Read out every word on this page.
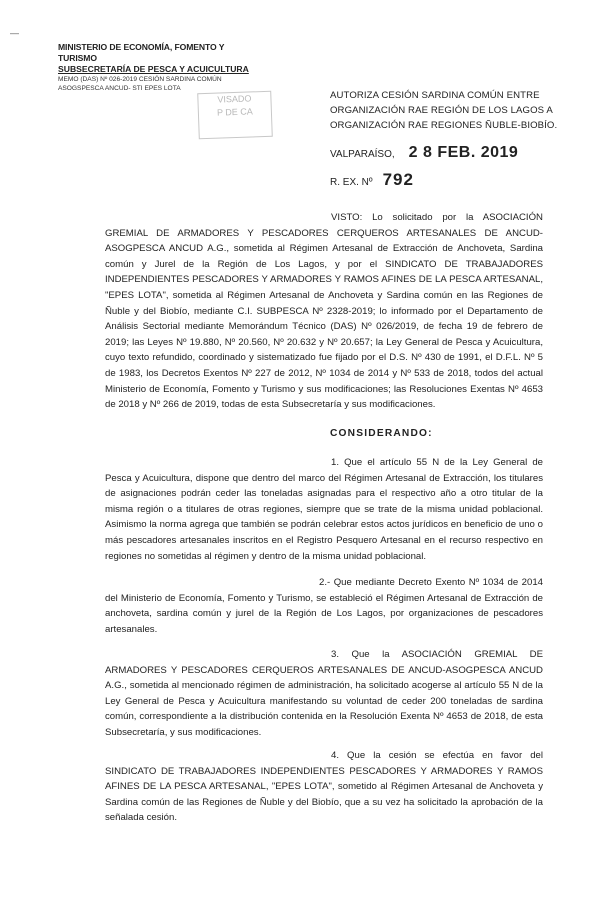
—
MINISTERIO DE ECONOMÍA, FOMENTO Y TURISMO
SUBSECRETARÍA DE PESCA Y ACUICULTURA
MEMO (DAS) Nº 026-2019 CESIÓN SARDINA COMÚN
ASOGSPESCA ANCUD- STI EPES LOTA
VISADO
P DE CA
AUTORIZA CESIÓN SARDINA COMÚN ENTRE ORGANIZACIÓN RAE REGIÓN DE LOS LAGOS A ORGANIZACIÓN RAE REGIONES ÑUBLE-BIOBÍO.
VALPARAÍSO, 2 8 FEB. 2019
R. EX. Nº 792
VISTO: Lo solicitado por la ASOCIACIÓN GREMIAL DE ARMADORES Y PESCADORES CERQUEROS ARTESANALES DE ANCUD-ASOGPESCA ANCUD A.G., sometida al Régimen Artesanal de Extracción de Anchoveta, Sardina común y Jurel de la Región de Los Lagos, y por el SINDICATO DE TRABAJADORES INDEPENDIENTES PESCADORES Y ARMADORES Y RAMOS AFINES DE LA PESCA ARTESANAL, "EPES LOTA", sometida al Régimen Artesanal de Anchoveta y Sardina común en las Regiones de Ñuble y del Biobío, mediante C.I. SUBPESCA Nº 2328-2019; lo informado por el Departamento de Análisis Sectorial mediante Memorándum Técnico (DAS) Nº 026/2019, de fecha 19 de febrero de 2019; las Leyes Nº 19.880, Nº 20.560, Nº 20.632 y Nº 20.657; la Ley General de Pesca y Acuicultura, cuyo texto refundido, coordinado y sistematizado fue fijado por el D.S. Nº 430 de 1991, el D.F.L. Nº 5 de 1983, los Decretos Exentos Nº 227 de 2012, Nº 1034 de 2014 y Nº 533 de 2018, todos del actual Ministerio de Economía, Fomento y Turismo y sus modificaciones; las Resoluciones Exentas Nº 4653 de 2018 y Nº 266 de 2019, todas de esta Subsecretaría y sus modificaciones.
CONSIDERANDO:
1. Que el artículo 55 N de la Ley General de Pesca y Acuicultura, dispone que dentro del marco del Régimen Artesanal de Extracción, los titulares de asignaciones podrán ceder las toneladas asignadas para el respectivo año a otro titular de la misma región o a titulares de otras regiones, siempre que se trate de la misma unidad poblacional. Asimismo la norma agrega que también se podrán celebrar estos actos jurídicos en beneficio de uno o más pescadores artesanales inscritos en el Registro Pesquero Artesanal en el recurso respectivo en regiones no sometidas al régimen y dentro de la misma unidad poblacional.
2.- Que mediante Decreto Exento Nº 1034 de 2014 del Ministerio de Economía, Fomento y Turismo, se estableció el Régimen Artesanal de Extracción de anchoveta, sardina común y jurel de la Región de Los Lagos, por organizaciones de pescadores artesanales.
3. Que la ASOCIACIÓN GREMIAL DE ARMADORES Y PESCADORES CERQUEROS ARTESANALES DE ANCUD-ASOGPESCA ANCUD A.G., sometida al mencionado régimen de administración, ha solicitado acogerse al artículo 55 N de la Ley General de Pesca y Acuicultura manifestando su voluntad de ceder 200 toneladas de sardina común, correspondiente a la distribución contenida en la Resolución Exenta Nº 4653 de 2018, de esta Subsecretaría, y sus modificaciones.
4. Que la cesión se efectúa en favor del SINDICATO DE TRABAJADORES INDEPENDIENTES PESCADORES Y ARMADORES Y RAMOS AFINES DE LA PESCA ARTESANAL, "EPES LOTA", sometido al Régimen Artesanal de Anchoveta y Sardina común de las Regiones de Ñuble y del Biobío, que a su vez ha solicitado la aprobación de la señalada cesión.
